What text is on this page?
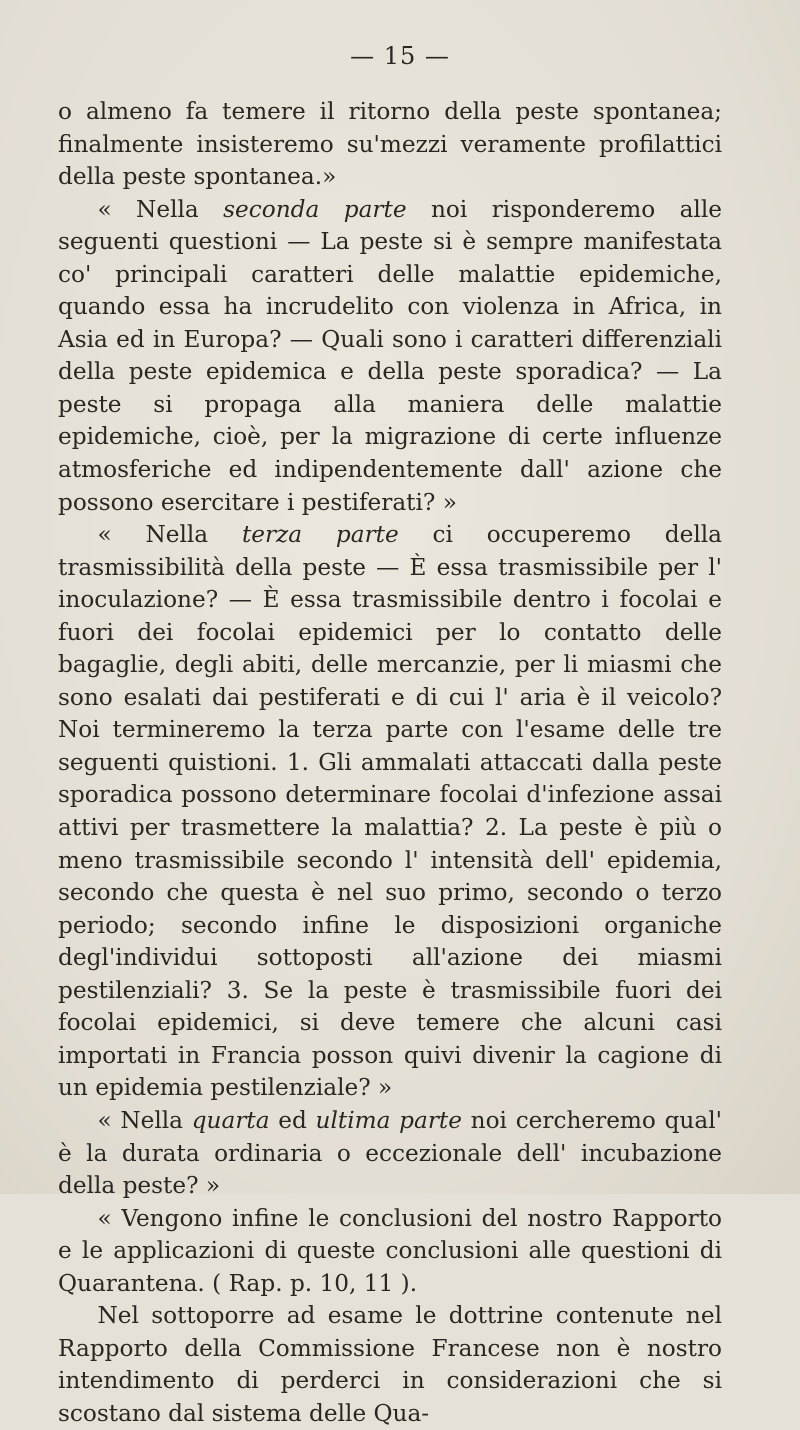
— 15 —

o almeno fa temere il ritorno della peste spontanea; finalmente insisteremo su'mezzi veramente profilattici della peste spontanea.»

« Nella seconda parte noi risponderemo alle seguenti questioni — La peste si è sempre manifestata co' principali caratteri delle malattie epidemiche, quando essa ha incrudelito con violenza in Africa, in Asia ed in Europa? — Quali sono i caratteri differenziali della peste epidemica e della peste sporadica? — La peste si propaga alla maniera delle malattie epidemiche, cioè, per la migrazione di certe influenze atmosferiche ed indipendentemente dall' azione che possono esercitare i pestiferati? »

« Nella terza parte ci occuperemo della trasmissibilità della peste — È essa trasmissibile per l' inoculazione? — È essa trasmissibile dentro i focolai e fuori dei focolai epidemici per lo contatto delle bagaglie, degli abiti, delle mercanzie, per li miasmi che sono esalati dai pestiferati e di cui l' aria è il veicolo? Noi termineremo la terza parte con l'esame delle tre seguenti quistioni. 1. Gli ammalati attaccati dalla peste sporadica possono determinare focolai d'infezione assai attivi per trasmettere la malattia? 2. La peste è più o meno trasmissibile secondo l' intensità dell' epidemia, secondo che questa è nel suo primo, secondo o terzo periodo; secondo infine le disposizioni organiche degl'individui sottoposti all'azione dei miasmi pestilenziali? 3. Se la peste è trasmissibile fuori dei focolai epidemici, si deve temere che alcuni casi importati in Francia posson quivi divenir la cagione di un epidemia pestilenziale? »

« Nella quarta ed ultima parte noi cercheremo qual' è la durata ordinaria o eccezionale dell' incubazione della peste? »

« Vengono infine le conclusioni del nostro Rapporto e le applicazioni di queste conclusioni alle questioni di Quarantena. ( Rap. p. 10, 11 ).

Nel sottoporre ad esame le dottrine contenute nel Rapporto della Commissione Francese non è nostro intendimento di perderci in considerazioni che si scostano dal sistema delle Qua-
